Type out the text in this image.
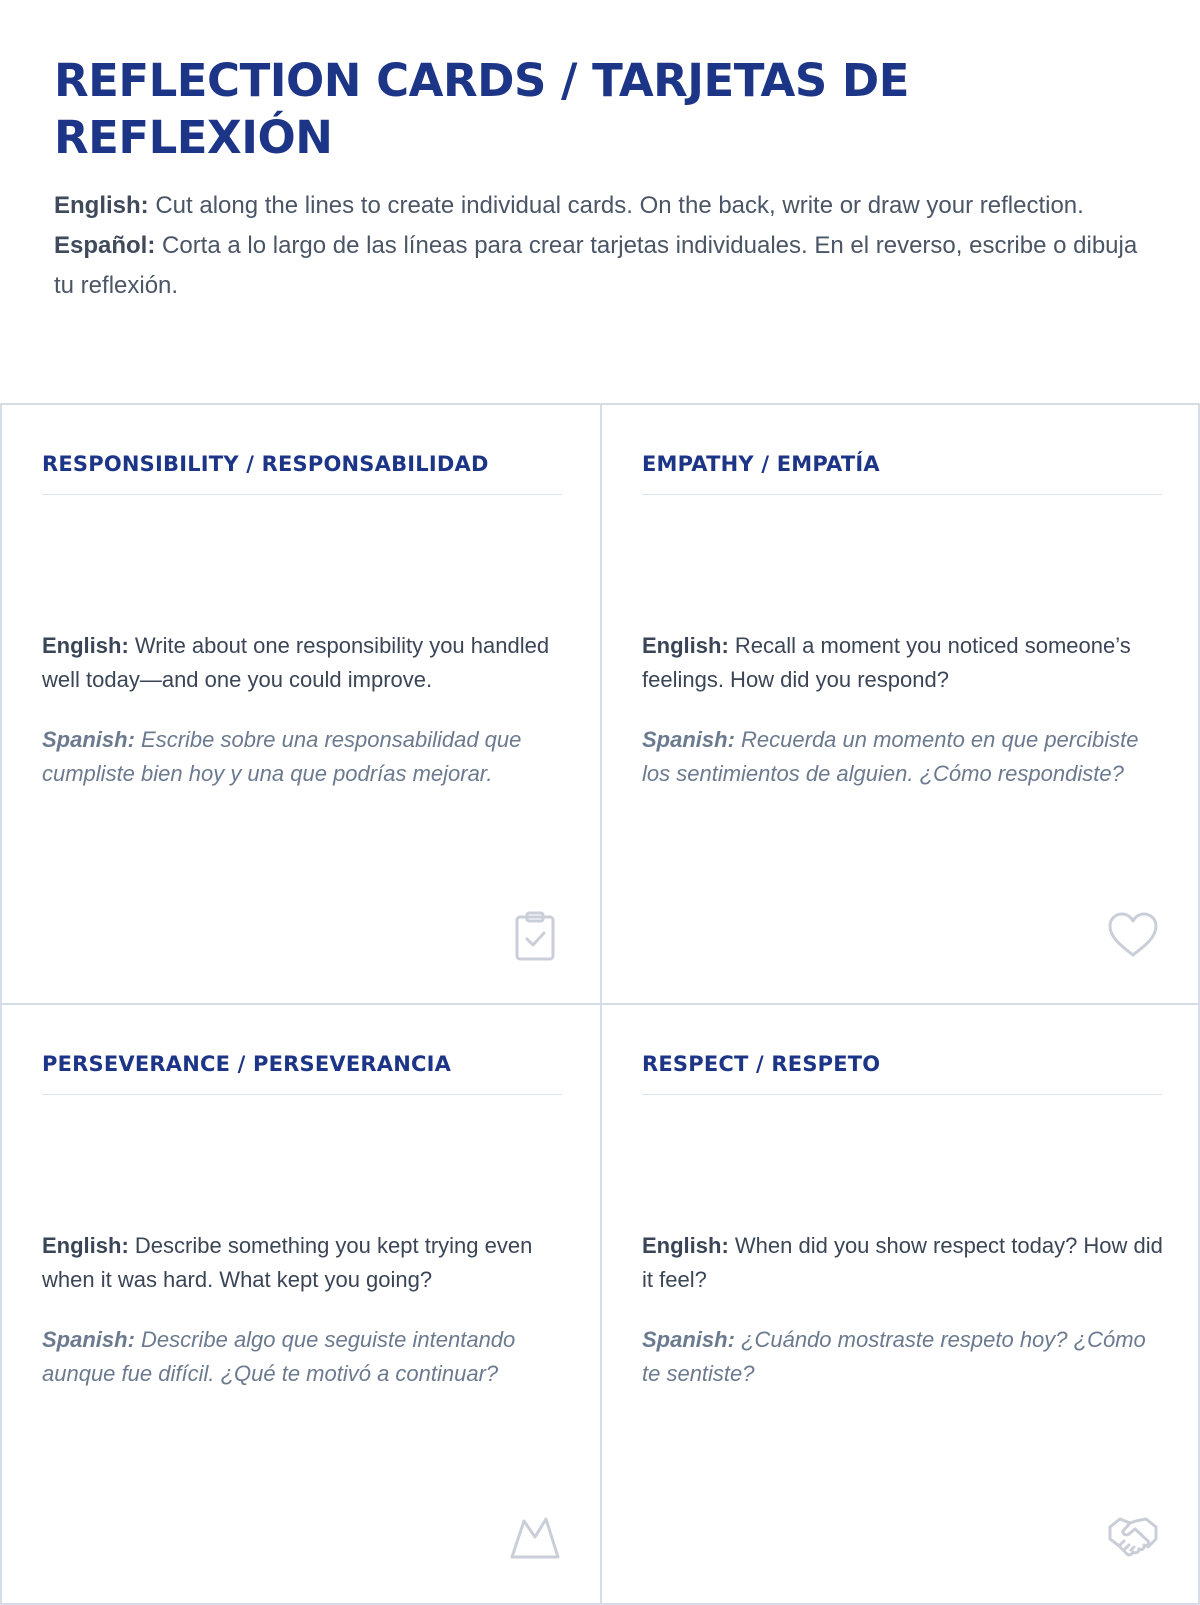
REFLECTION CARDS / TARJETAS DE REFLEXIÓN

English: Cut along the lines to create individual cards. On the back, write or draw your reflection.

Español: Corta a lo largo de las líneas para crear tarjetas individuales. En el reverso, escribe o dibuja tu reflexión.

RESPONSIBILITY / RESPONSABILIDAD

English: Write about one responsibility you handled well today—and one you could improve.

Spanish: Escribe sobre una responsabilidad que cumpliste bien hoy y una que podrías mejorar.

EMPATHY / EMPATÍA

English: Recall a moment you noticed someone’s feelings. How did you respond?

Spanish: Recuerda un momento en que percibiste los sentimientos de alguien. ¿Cómo respondiste?

PERSEVERANCE / PERSEVERANCIA

English: Describe something you kept trying even when it was hard. What kept you going?

Spanish: Describe algo que seguiste intentando aunque fue difícil. ¿Qué te motivó a continuar?

RESPECT / RESPETO

English: When did you show respect today? How did it feel?

Spanish: ¿Cuándo mostraste respeto hoy? ¿Cómo te sentiste?
